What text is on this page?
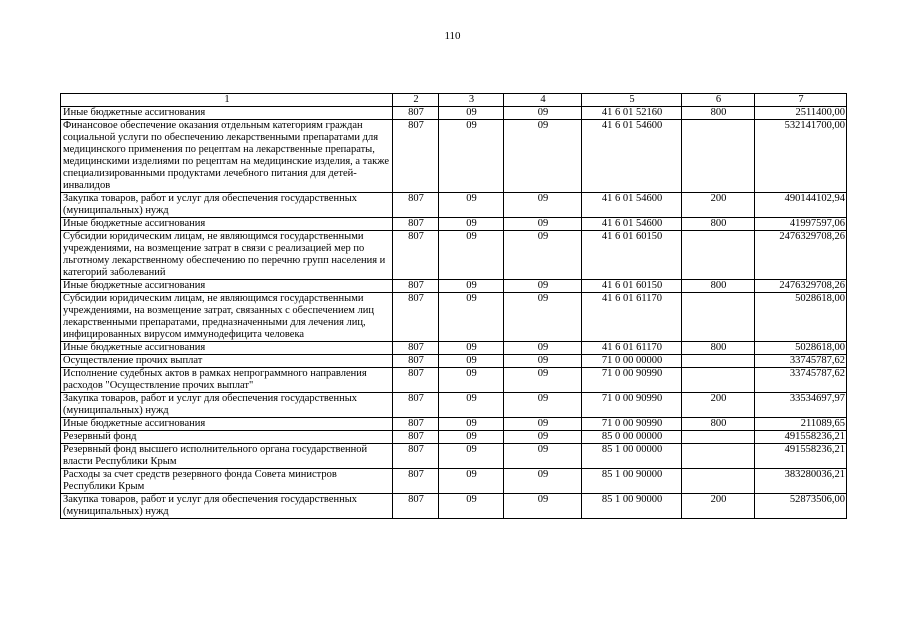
110
1	2	3	4	5	6	7
Иные бюджетные ассигнования	807	09	09	41 6 01 52160	800	2511400,00
Финансовое обеспечение оказания отдельным категориям граждан социальной услуги по обеспечению лекарственными препаратами для медицинского применения по рецептам на лекарственные препараты, медицинскими изделиями по рецептам на медицинские изделия, а также специализированными продуктами лечебного питания для детей-инвалидов	807	09	09	41 6 01 54600		532141700,00
Закупка товаров, работ и услуг для обеспечения государственных (муниципальных) нужд	807	09	09	41 6 01 54600	200	490144102,94
Иные бюджетные ассигнования	807	09	09	41 6 01 54600	800	41997597,06
Субсидии юридическим лицам, не являющимся государственными учреждениями, на возмещение затрат в связи с реализацией мер по льготному лекарственному обеспечению по перечню групп населения и категорий заболеваний	807	09	09	41 6 01 60150		2476329708,26
Иные бюджетные ассигнования	807	09	09	41 6 01 60150	800	2476329708,26
Субсидии юридическим лицам, не являющимся государственными учреждениями, на возмещение затрат, связанных с обеспечением лиц лекарственными препаратами, предназначенными для лечения лиц, инфицированных вирусом иммунодефицита человека	807	09	09	41 6 01 61170		5028618,00
Иные бюджетные ассигнования	807	09	09	41 6 01 61170	800	5028618,00
Осуществление прочих выплат	807	09	09	71 0 00 00000		33745787,62
Исполнение судебных актов в рамках непрограммного направления расходов "Осуществление прочих выплат"	807	09	09	71 0 00 90990		33745787,62
Закупка товаров, работ и услуг для обеспечения государственных (муниципальных) нужд	807	09	09	71 0 00 90990	200	33534697,97
Иные бюджетные ассигнования	807	09	09	71 0 00 90990	800	211089,65
Резервный фонд	807	09	09	85 0 00 00000		491558236,21
Резервный фонд высшего исполнительного органа государственной власти Республики Крым	807	09	09	85 1 00 00000		491558236,21
Расходы за счет средств резервного фонда Совета министров Республики Крым	807	09	09	85 1 00 90000		383280036,21
Закупка товаров, работ и услуг для обеспечения государственных (муниципальных) нужд	807	09	09	85 1 00 90000	200	52873506,00
